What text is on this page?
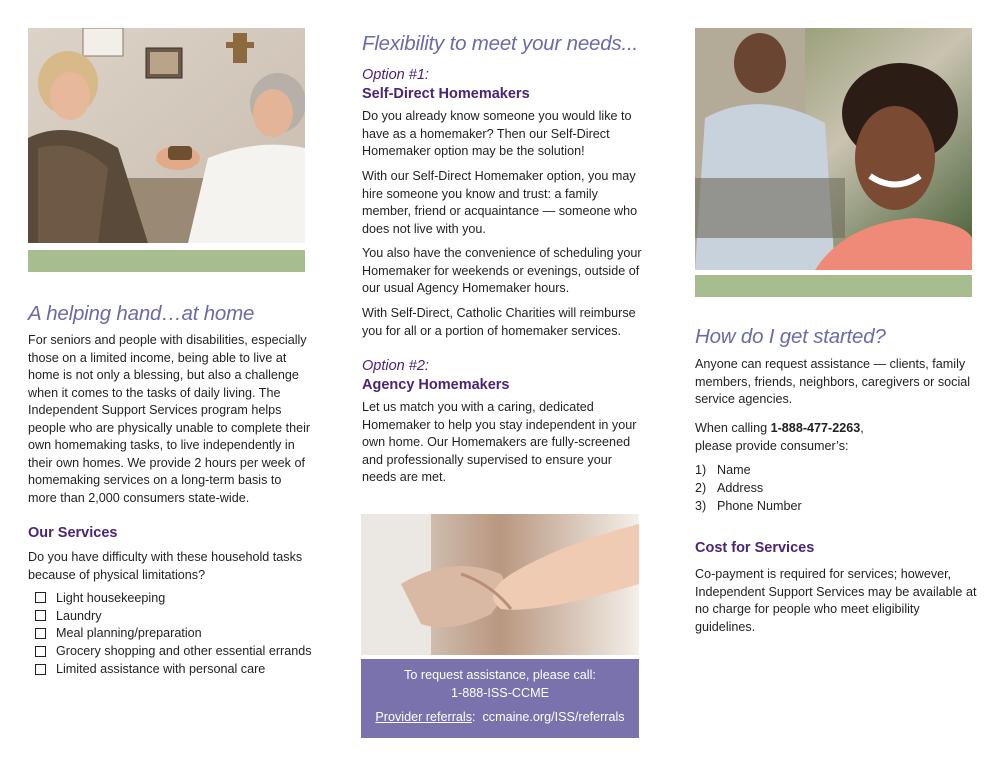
A helping hand…at home

For seniors and people with disabilities, especially those on a limited income, being able to live at home is not only a blessing, but also a challenge when it comes to the tasks of daily living. The Independent Support Services program helps people who are physically unable to complete their own homemaking tasks, to live independently in their own homes. We provide 2 hours per week of homemaking services on a long-term basis to more than 2,000 consumers state-wide.

Our Services

Do you have difficulty with these household tasks because of physical limitations?

Light housekeeping
Laundry
Meal planning/preparation
Grocery shopping and other essential errands
Limited assistance with personal care
Flexibility to meet your needs...

Option #1:

Self-Direct Homemakers

Do you already know someone you would like to have as a homemaker? Then our Self-Direct Homemaker option may be the solution!

With our Self-Direct Homemaker option, you may hire someone you know and trust: a family member, friend or acquaintance — someone who does not live with you.

You also have the convenience of scheduling your Homemaker for weekends or evenings, outside of our usual Agency Homemaker hours.

With Self-Direct, Catholic Charities will reimburse you for all or a portion of homemaker services.

Option #2:

Agency Homemakers

Let us match you with a caring, dedicated Homemaker to help you stay independent in your own home. Our Homemakers are fully-screened and professionally supervised to ensure your needs are met.

To request assistance, please call:
1-888-ISS-CCME
Provider referrals:  ccmaine.org/ISS/referrals
How do I get started?

Anyone can request assistance — clients, family members, friends, neighbors, caregivers or social service agencies.

When calling 1-888-477-2263,
please provide consumer’s:

1) Name
2) Address
3) Phone Number
Cost for Services

Co-payment is required for services; however, Independent Support Services may be available at no charge for people who meet eligibility guidelines.
